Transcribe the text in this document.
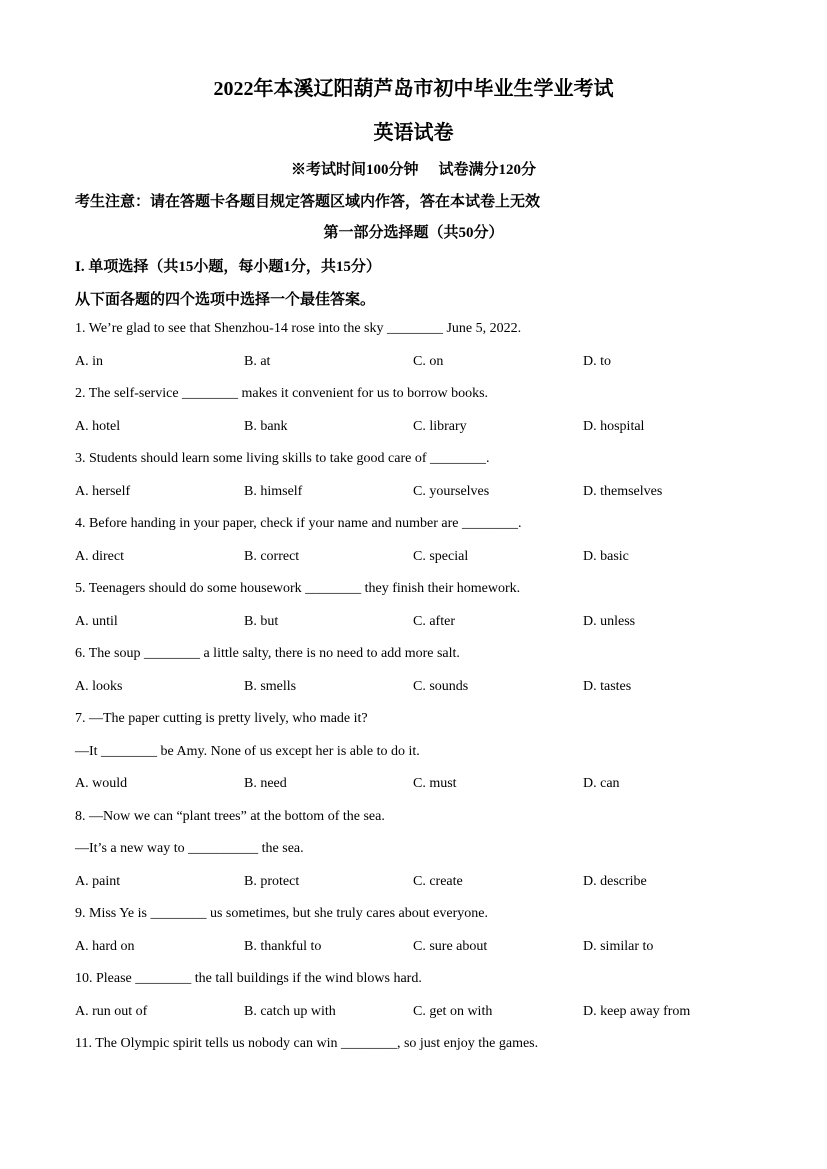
2022年本溪辽阳葫芦岛市初中毕业生学业考试
英语试卷
※考试时间100分钟 试卷满分120分
考生注意：请在答题卡各题目规定答题区域内作答，答在本试卷上无效
第一部分选择题（共50分）
I. 单项选择（共15小题，每小题1分，共15分）
从下面各题的四个选项中选择一个最佳答案。
1. We’re glad to see that Shenzhou-14 rose into the sky ________ June 5, 2022.
A. in	B. at	C. on	D. to
2. The self-service ________ makes it convenient for us to borrow books.
A. hotel	B. bank	C. library	D. hospital
3. Students should learn some living skills to take good care of ________.
A. herself	B. himself	C. yourselves	D. themselves
4. Before handing in your paper, check if your name and number are ________.
A. direct	B. correct	C. special	D. basic
5. Teenagers should do some housework ________ they finish their homework.
A. until	B. but	C. after	D. unless
6. The soup ________ a little salty, there is no need to add more salt.
A. looks	B. smells	C. sounds	D. tastes
7. —The paper cutting is pretty lively, who made it?
—It ________ be Amy. None of us except her is able to do it.
A. would	B. need	C. must	D. can
8. —Now we can “plant trees” at the bottom of the sea.
—It’s a new way to __________ the sea.
A. paint	B. protect	C. create	D. describe
9. Miss Ye is ________ us sometimes, but she truly cares about everyone.
A. hard on	B. thankful to	C. sure about	D. similar to
10. Please ________ the tall buildings if the wind blows hard.
A. run out of	B. catch up with	C. get on with	D. keep away from
11. The Olympic spirit tells us nobody can win ________, so just enjoy the games.
